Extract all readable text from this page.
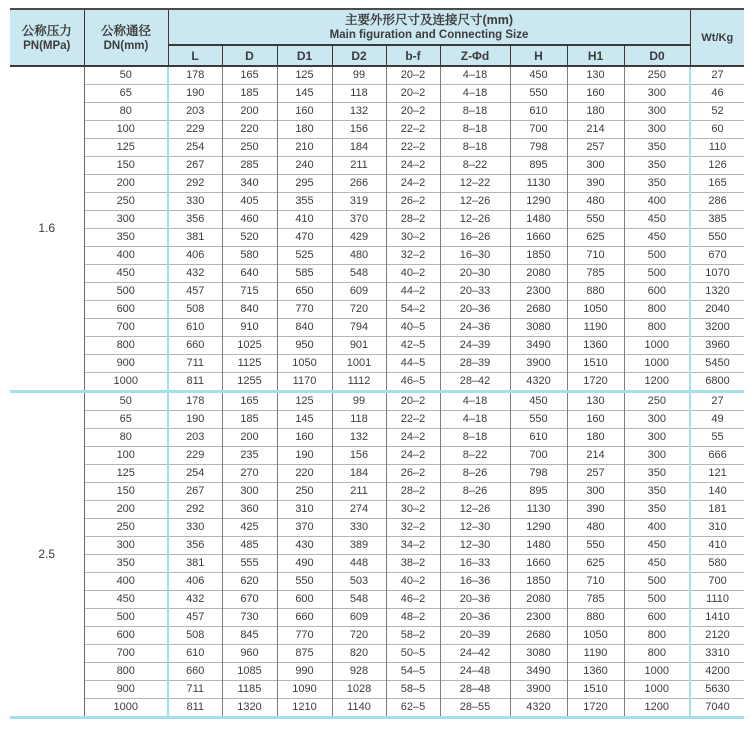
公称压力
PN(MPa)

公称通径
DN(mm)

主要外形尺寸及连接尺寸(mm)
Main figuration and Connecting Size	Wt/Kg
		L	D	D1	D2	b-f	Z-Φd	H	H1	D0	
1.6	50	178	165	125	99	20–2	4–18	450	130	250	27
	65	190	185	145	118	20–2	4–18	550	160	300	46
	80	203	200	160	132	20–2	8–18	610	180	300	52
	100	229	220	180	156	22–2	8–18	700	214	300	60
	125	254	250	210	184	22–2	8–18	798	257	350	110
	150	267	285	240	211	24–2	8–22	895	300	350	126
	200	292	340	295	266	24–2	12–22	1130	390	350	165
	250	330	405	355	319	26–2	12–26	1290	480	400	286
	300	356	460	410	370	28–2	12–26	1480	550	450	385
	350	381	520	470	429	30–2	16–26	1660	625	450	550
	400	406	580	525	480	32–2	16–30	1850	710	500	670
	450	432	640	585	548	40–2	20–30	2080	785	500	1070
	500	457	715	650	609	44–2	20–33	2300	880	600	1320
	600	508	840	770	720	54–2	20–36	2680	1050	800	2040
	700	610	910	840	794	40–5	24–36	3080	1190	800	3200
	800	660	1025	950	901	42–5	24–39	3490	1360	1000	3960
	900	711	1125	1050	1001	44–5	28–39	3900	1510	1000	5450
	1000	811	1255	1170	1112	46–5	28–42	4320	1720	1200	6800

2.5	50	178	165	125	99	20–2	4–18	450	130	250	27
	65	190	185	145	118	22–2	4–18	550	160	300	49
	80	203	200	160	132	24–2	8–18	610	180	300	55
	100	229	235	190	156	24–2	8–22	700	214	300	666
	125	254	270	220	184	26–2	8–26	798	257	350	121
	150	267	300	250	211	28–2	8–26	895	300	350	140
	200	292	360	310	274	30–2	12–26	1130	390	350	181
	250	330	425	370	330	32–2	12–30	1290	480	400	310
	300	356	485	430	389	34–2	12–30	1480	550	450	410
	350	381	555	490	448	38–2	16–33	1660	625	450	580
	400	406	620	550	503	40–2	16–36	1850	710	500	700
	450	432	670	600	548	46–2	20–36	2080	785	500	1110
	500	457	730	660	609	48–2	20–36	2300	880	600	1410
	600	508	845	770	720	58–2	20–39	2680	1050	800	2120
	700	610	960	875	820	50–5	24–42	3080	1190	800	3310
	800	660	1085	990	928	54–5	24–48	3490	1360	1000	4200
	900	711	1185	1090	1028	58–5	28–48	3900	1510	1000	5630
	1000	811	1320	1210	1140	62–5	28–55	4320	1720	1200	7040
